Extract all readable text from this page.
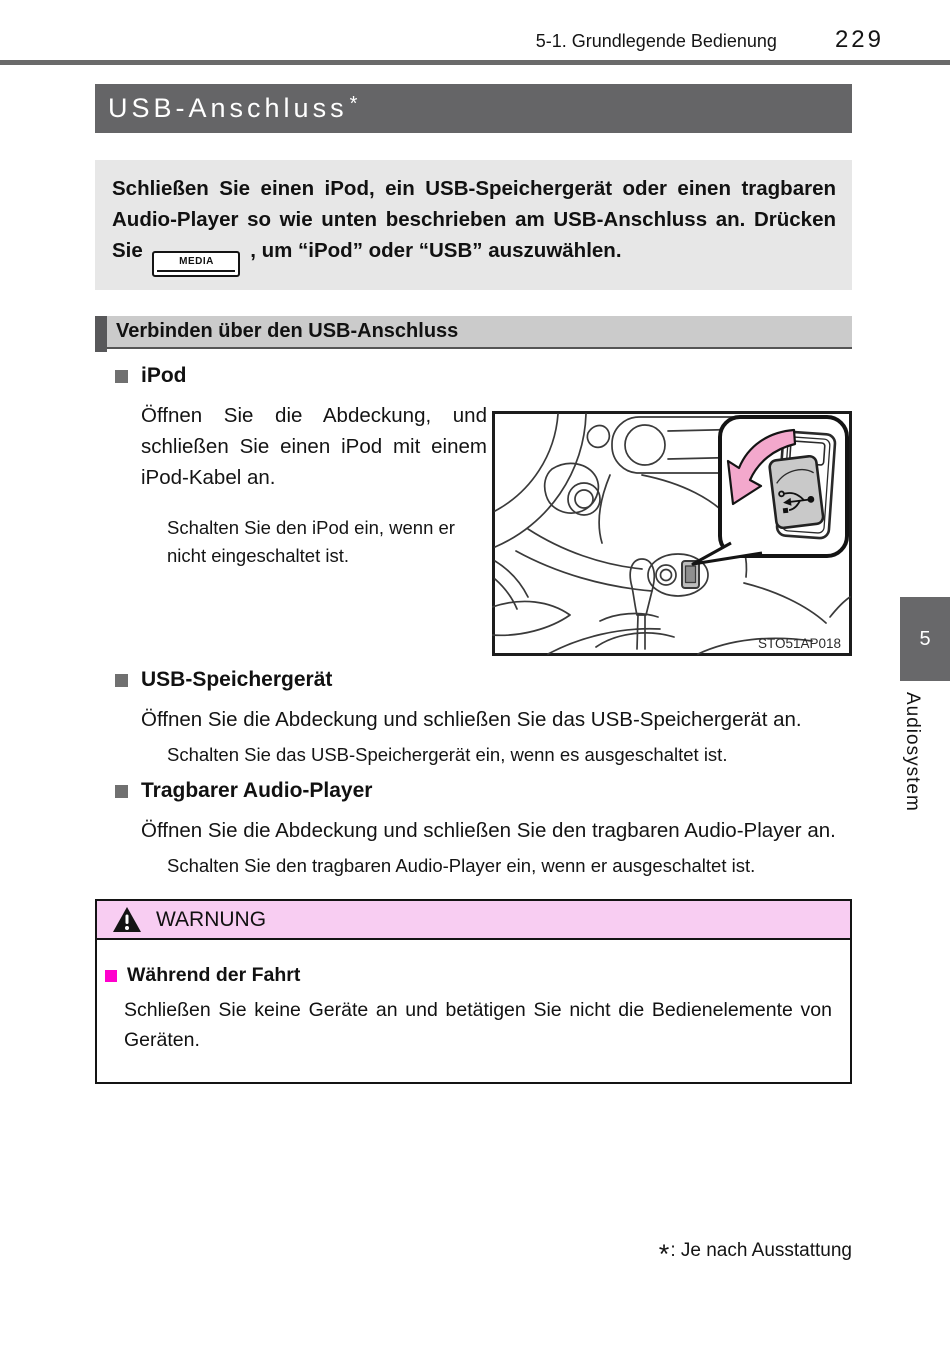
5-1. Grundlegende Bedienung 229
USB-Anschluss*
Schließen Sie einen iPod, ein USB-Speichergerät oder einen tragbaren Audio-Player so wie unten beschrieben am USB-Anschluss an. Drücken Sie	MEDIA	, um “iPod” oder “USB” auszuwählen.
Verbinden über den USB-Anschluss
iPod

Öffnen Sie die Abdeckung, und schließen Sie einen iPod mit einem iPod-Kabel an.

Schalten Sie den iPod ein, wenn er nicht eingeschaltet ist.

STO51AP018
USB-Speichergerät

Öffnen Sie die Abdeckung und schließen Sie das USB-Speichergerät an.

Schalten Sie das USB-Speichergerät ein, wenn es ausgeschaltet ist.

Tragbarer Audio-Player

Öffnen Sie die Abdeckung und schließen Sie den tragbaren Audio-Player an.

Schalten Sie den tragbaren Audio-Player ein, wenn er ausgeschaltet ist.

WARNUNG
Während der Fahrt

Schließen Sie keine Geräte an und betätigen Sie nicht die Bedienelemente von Geräten.

5
Audiosystem
* : Je nach Ausstattung
